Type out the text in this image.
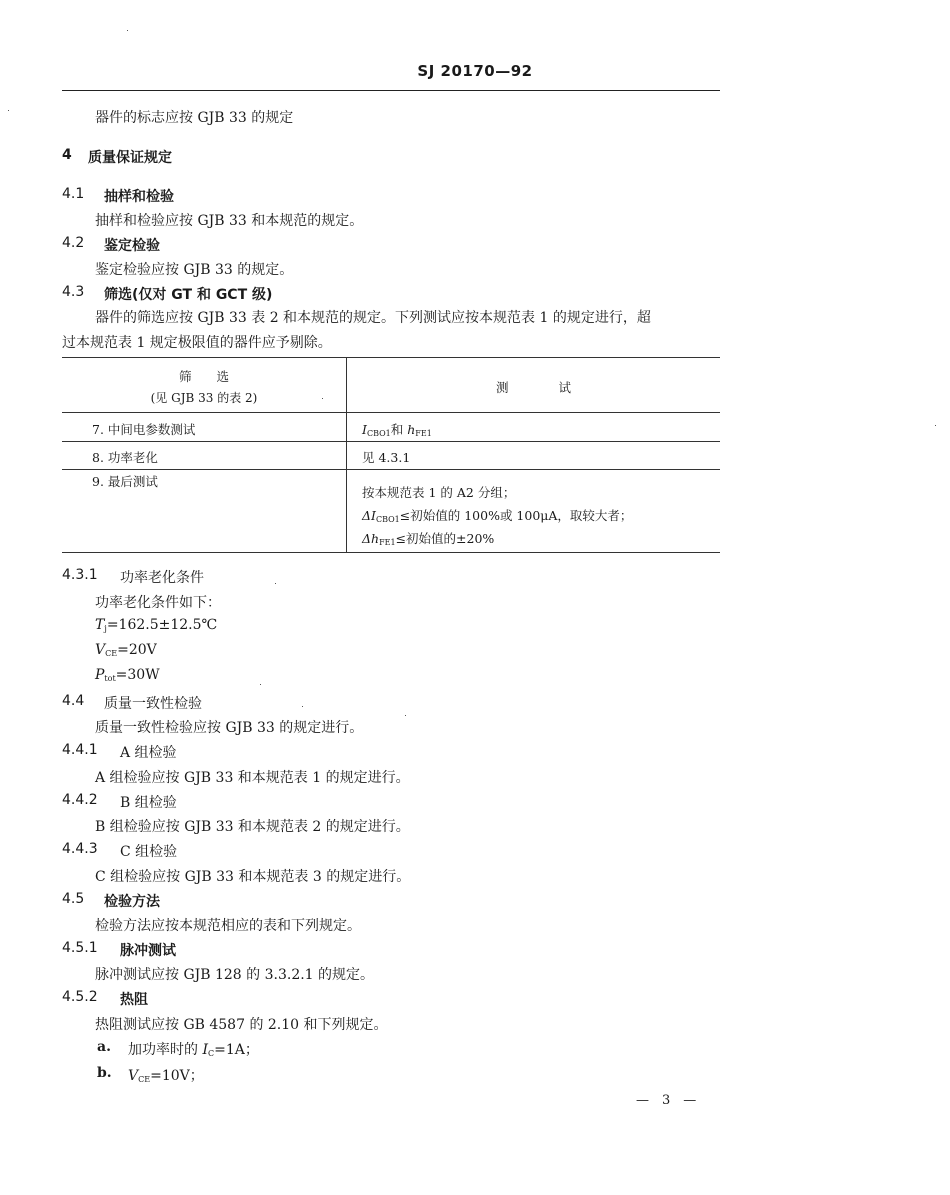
SJ 20170—92
器件的标志应按 GJB 33 的规定
4 质量保证规定
4.1 抽样和检验
抽样和检验应按 GJB 33 和本规范的规定。
4.2 鉴定检验
鉴定检验应按 GJB 33 的规定。
4.3 筛选(仅对 GT 和 GCT 级)
器件的筛选应按 GJB 33 表 2 和本规范的规定。下列测试应按本规范表 1 的规定进行，超
过本规范表 1 规定极限值的器件应予剔除。
筛　　选
(见 GJB 33 的表 2)
测　　　　试
7. 中间电参数测试	$I_{CBO1}$和 $h_{FE1}$
8. 功率老化	见 4.3.1
9. 最后测试
按本规范表 1 的 A2 分组；
$\Delta I_{CBO1}\le$初始值的 100%或 100μA，取较大者；
$\Delta h_{FE1}\le$初始值的±20%
4.3.1 功率老化条件
功率老化条件如下：
$T_j=162.5\pm 12.5℃$
$V_{CE}=20V$
$P_{tot}=30W$
4.4 质量一致性检验
质量一致性检验应按 GJB 33 的规定进行。
4.4.1 A 组检验
A 组检验应按 GJB 33 和本规范表 1 的规定进行。
4.4.2 B 组检验
B 组检验应按 GJB 33 和本规范表 2 的规定进行。
4.4.3 C 组检验
C 组检验应按 GJB 33 和本规范表 3 的规定进行。
4.5 检验方法
检验方法应按本规范相应的表和下列规定。
4.5.1 脉冲测试
脉冲测试应按 GJB 128 的 3.3.2.1 的规定。
4.5.2 热阻
热阻测试应按 GB 4587 的 2.10 和下列规定。
a. 加功率时的 $I_C=1A$；
b. $V_{CE}=10V$；
—　3　—
